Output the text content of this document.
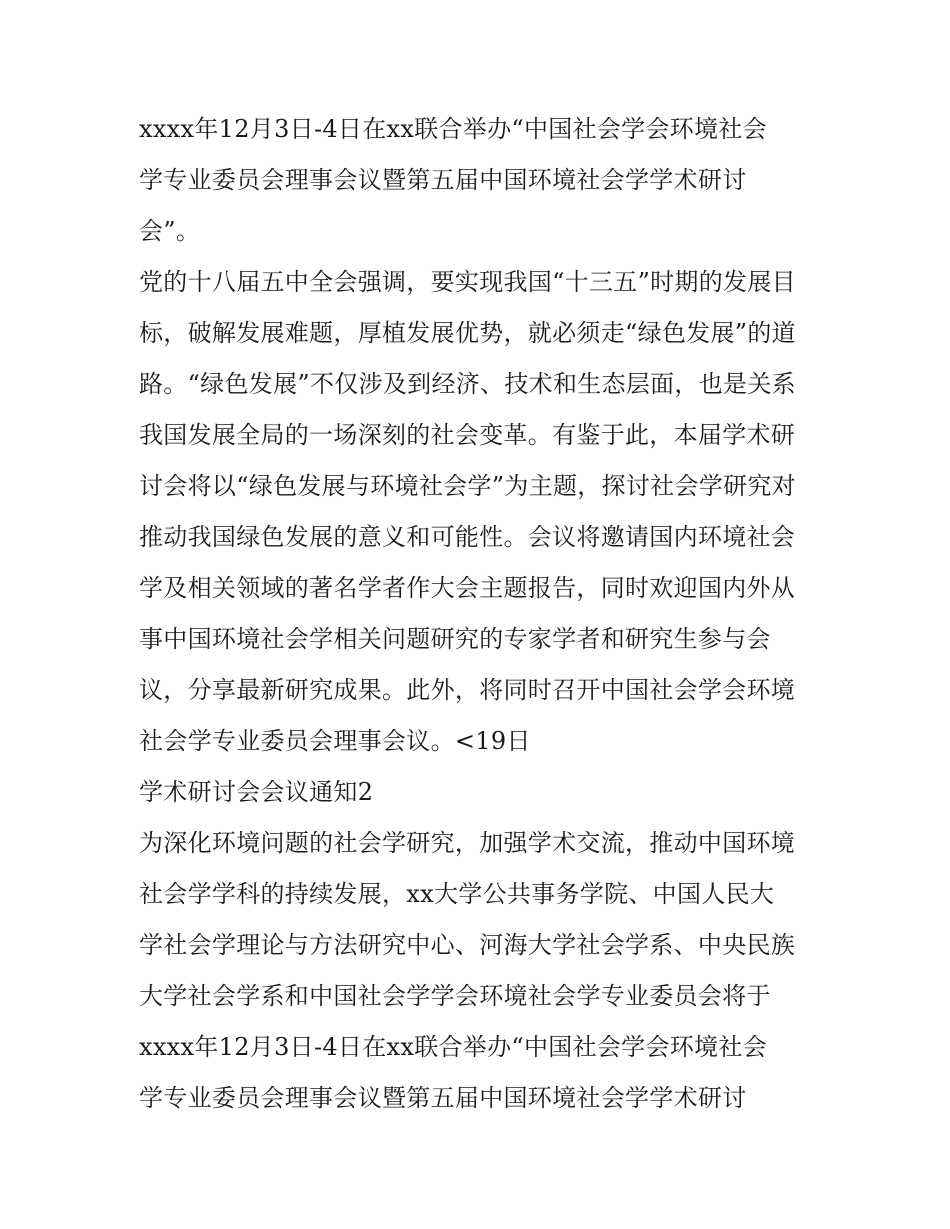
xxxx年12月3日-4日在xx联合举办“中国社会学会环境社会
学专业委员会理事会议暨第五届中国环境社会学学术研讨
会”。

党的十八届五中全会强调，要实现我国“十三五”时期的发展目
标，破解发展难题，厚植发展优势，就必须走“绿色发展”的道
路。“绿色发展”不仅涉及到经济、技术和生态层面，也是关系
我国发展全局的一场深刻的社会变革。有鉴于此，本届学术研
讨会将以“绿色发展与环境社会学”为主题，探讨社会学研究对
推动我国绿色发展的意义和可能性。会议将邀请国内环境社会
学及相关领域的著名学者作大会主题报告，同时欢迎国内外从
事中国环境社会学相关问题研究的专家学者和研究生参与会
议，分享最新研究成果。此外，将同时召开中国社会学会环境
社会学专业委员会理事会议。<19日

学术研讨会会议通知2

为深化环境问题的社会学研究，加强学术交流，推动中国环境
社会学学科的持续发展，xx大学公共事务学院、中国人民大
学社会学理论与方法研究中心、河海大学社会学系、中央民族
大学社会学系和中国社会学学会环境社会学专业委员会将于
xxxx年12月3日-4日在xx联合举办“中国社会学会环境社会
学专业委员会理事会议暨第五届中国环境社会学学术研讨
